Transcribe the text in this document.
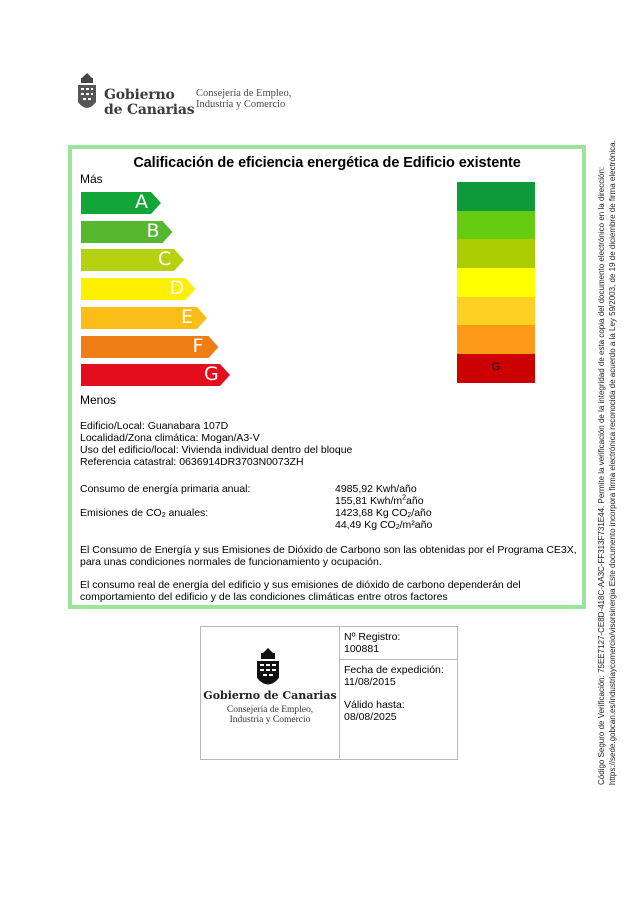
Gobierno
de Canarias
Consejería de Empleo,
Industria y Comercio
Calificación de eficiencia energética de Edificio existente
Más
A
B
C
D
E
F
G
Menos
G
Edificio/Local: Guanabara 107D
Localidad/Zona climática: Mogan/A3-V
Uso del edificio/local: Vivienda individual dentro del bloque
Referencia catastral: 0636914DR3703N0073ZH
Consumo de energía primaria anual:	4985,92 Kwh/año
155,81 Kwh/$m^2año$
Emisiones de $CO_2$ anuales:	1423,68 Kg $CO_2$/año
44,49 Kg $CO_2$/m²año
El Consumo de Energía y sus Emisiones de Dióxido de Carbono son las obtenidas por el Programa CE3X, para unas condiciones normales de funcionamiento y ocupación.
El consumo real de energía del edificio y sus emisiones de dióxido de carbono dependerán del comportamiento del edificio y de las condiciones climáticas entre otros factores
Gobierno de Canarias
Consejería de Empleo,
Industria y Comercio
Nº Registro:
100881
Fecha de expedición:
11/08/2015
Válido hasta:
08/08/2025	Código Seguro de Verificación: 75EE7127-CE8D-418C-AA3C-FF313F731E44. Permite la verificación de la integridad de esta copia del documento electrónico en la dirección: https://sede.gobcan.es/industriaycomercio/visorsinergia Este documento incorpora firma electrónica reconocida de acuerdo a la Ley 59/2003, de 19 de diciembre de firma electrónica.
